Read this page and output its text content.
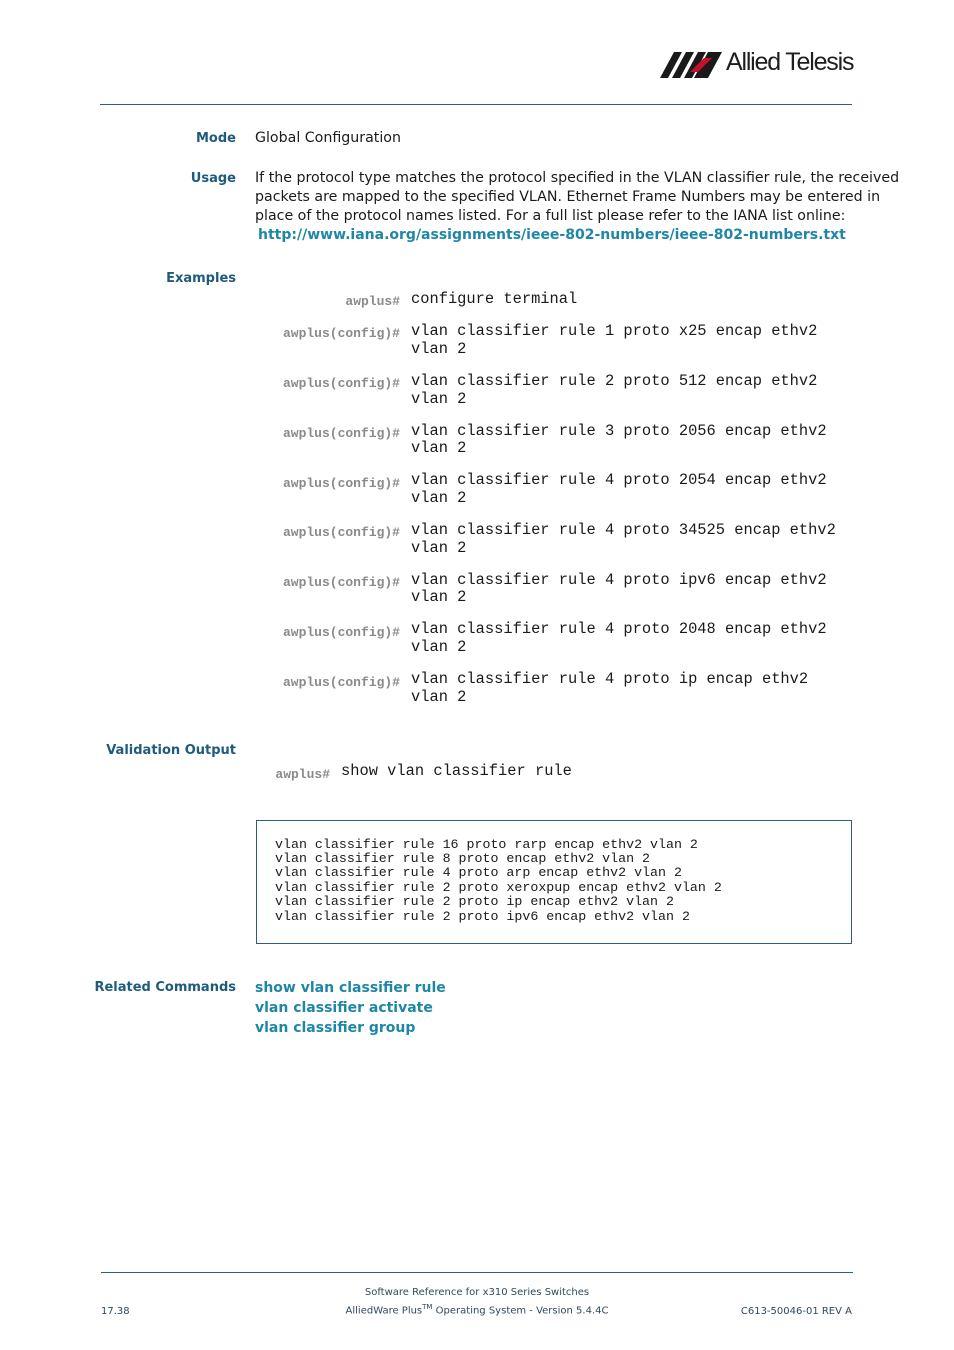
Allied Telesis
Mode Global Configuration
Usage If the protocol type matches the protocol specified in the VLAN classifier rule, the received
packets are mapped to the specified VLAN. Ethernet Frame Numbers may be entered in
place of the protocol names listed. For a full list please refer to the IANA list online:
http://www.iana.org/assignments/ieee-802-numbers/ieee-802-numbers.txt
Examples
awplus# configure terminal
awplus(config)# vlan classifier rule 1 proto x25 encap ethv2
vlan 2
awplus(config)# vlan classifier rule 2 proto 512 encap ethv2
vlan 2
awplus(config)# vlan classifier rule 3 proto 2056 encap ethv2
vlan 2
awplus(config)# vlan classifier rule 4 proto 2054 encap ethv2
vlan 2
awplus(config)# vlan classifier rule 4 proto 34525 encap ethv2
vlan 2
awplus(config)# vlan classifier rule 4 proto ipv6 encap ethv2
vlan 2
awplus(config)# vlan classifier rule 4 proto 2048 encap ethv2
vlan 2
awplus(config)# vlan classifier rule 4 proto ip encap ethv2
vlan 2
Validation Output
awplus# show vlan classifier rule
vlan classifier rule 16 proto rarp encap ethv2 vlan 2
vlan classifier rule 8 proto encap ethv2 vlan 2
vlan classifier rule 4 proto arp encap ethv2 vlan 2
vlan classifier rule 2 proto xeroxpup encap ethv2 vlan 2
vlan classifier rule 2 proto ip encap ethv2 vlan 2
vlan classifier rule 2 proto ipv6 encap ethv2 vlan 2
Related Commands show vlan classifier rule
vlan classifier activate
vlan classifier group
Software Reference for x310 Series Switches
17.38	AlliedWare Plus™ Operating System - Version 5.4.4C	C613-50046-01 REV A
